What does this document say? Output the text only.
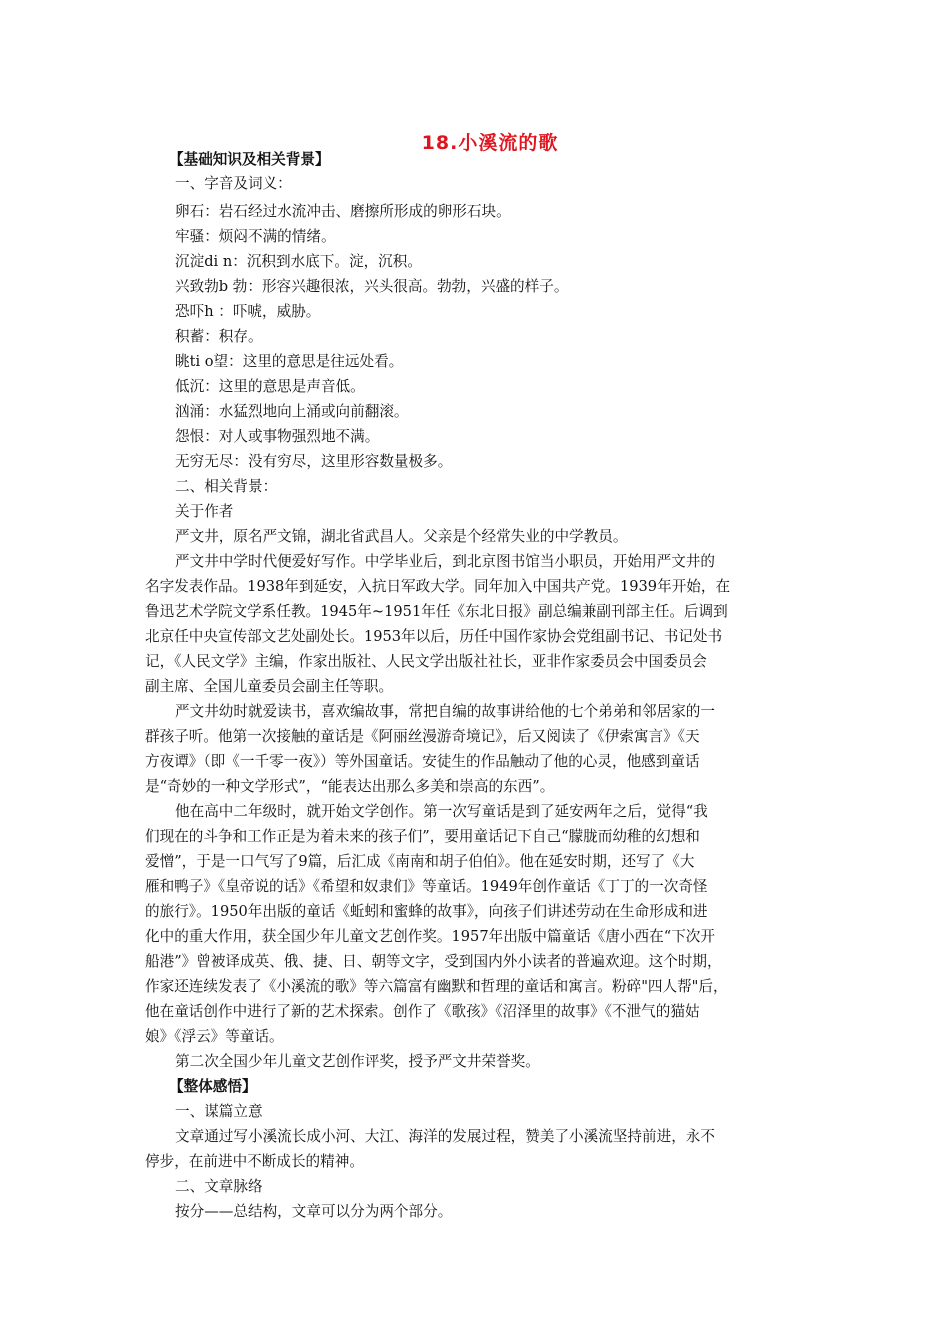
18.小溪流的歌
【基础知识及相关背景】
一、字音及词义：
卵石：岩石经过水流冲击、磨擦所形成的卵形石块。
牢骚：烦闷不满的情绪。
沉淀di n：沉积到水底下。淀，沉积。
兴致勃b 勃：形容兴趣很浓，兴头很高。勃勃，兴盛的样子。
恐吓h ：吓唬，威胁。
积蓄：积存。
眺ti o望：这里的意思是往远处看。
低沉：这里的意思是声音低。
汹涌：水猛烈地向上涌或向前翻滚。
怨恨：对人或事物强烈地不满。
无穷无尽：没有穷尽，这里形容数量极多。
二、相关背景：
关于作者
严文井，原名严文锦，湖北省武昌人。父亲是个经常失业的中学教员。
严文井中学时代便爱好写作。中学毕业后，到北京图书馆当小职员，开始用严文井的
名字发表作品。1938年到延安，入抗日军政大学。同年加入中国共产党。1939年开始，在
鲁迅艺术学院文学系任教。1945年~1951年任《东北日报》副总编兼副刊部主任。后调到
北京任中央宣传部文艺处副处长。1953年以后，历任中国作家协会党组副书记、书记处书
记，《人民文学》主编，作家出版社、人民文学出版社社长，亚非作家委员会中国委员会
副主席、全国儿童委员会副主任等职。
严文井幼时就爱读书，喜欢编故事，常把自编的故事讲给他的七个弟弟和邻居家的一
群孩子听。他第一次接触的童话是《阿丽丝漫游奇境记》，后又阅读了《伊索寓言》《天
方夜谭》（即《一千零一夜》）等外国童话。安徒生的作品触动了他的心灵，他感到童话
是“奇妙的一种文学形式”，“能表达出那么多美和崇高的东西”。
他在高中二年级时，就开始文学创作。第一次写童话是到了延安两年之后，觉得“我
们现在的斗争和工作正是为着未来的孩子们”，要用童话记下自己“朦胧而幼稚的幻想和
爱憎”，于是一口气写了9篇，后汇成《南南和胡子伯伯》。他在延安时期，还写了《大
雁和鸭子》《皇帝说的话》《希望和奴隶们》等童话。1949年创作童话《丁丁的一次奇怪
的旅行》。1950年出版的童话《蚯蚓和蜜蜂的故事》，向孩子们讲述劳动在生命形成和进
化中的重大作用，获全国少年儿童文艺创作奖。1957年出版中篇童话《唐小西在“下次开
船港”》曾被译成英、俄、捷、日、朝等文字，受到国内外小读者的普遍欢迎。这个时期，
作家还连续发表了《小溪流的歌》等六篇富有幽默和哲理的童话和寓言。粉碎"四人帮"后，
他在童话创作中进行了新的艺术探索。创作了《歌孩》《沼泽里的故事》《不泄气的猫姑
娘》《浮云》等童话。
第二次全国少年儿童文艺创作评奖，授予严文井荣誉奖。
【整体感悟】
一、谋篇立意
文章通过写小溪流长成小河、大江、海洋的发展过程，赞美了小溪流坚持前进，永不
停步，在前进中不断成长的精神。
二、文章脉络
按分——总结构，文章可以分为两个部分。
